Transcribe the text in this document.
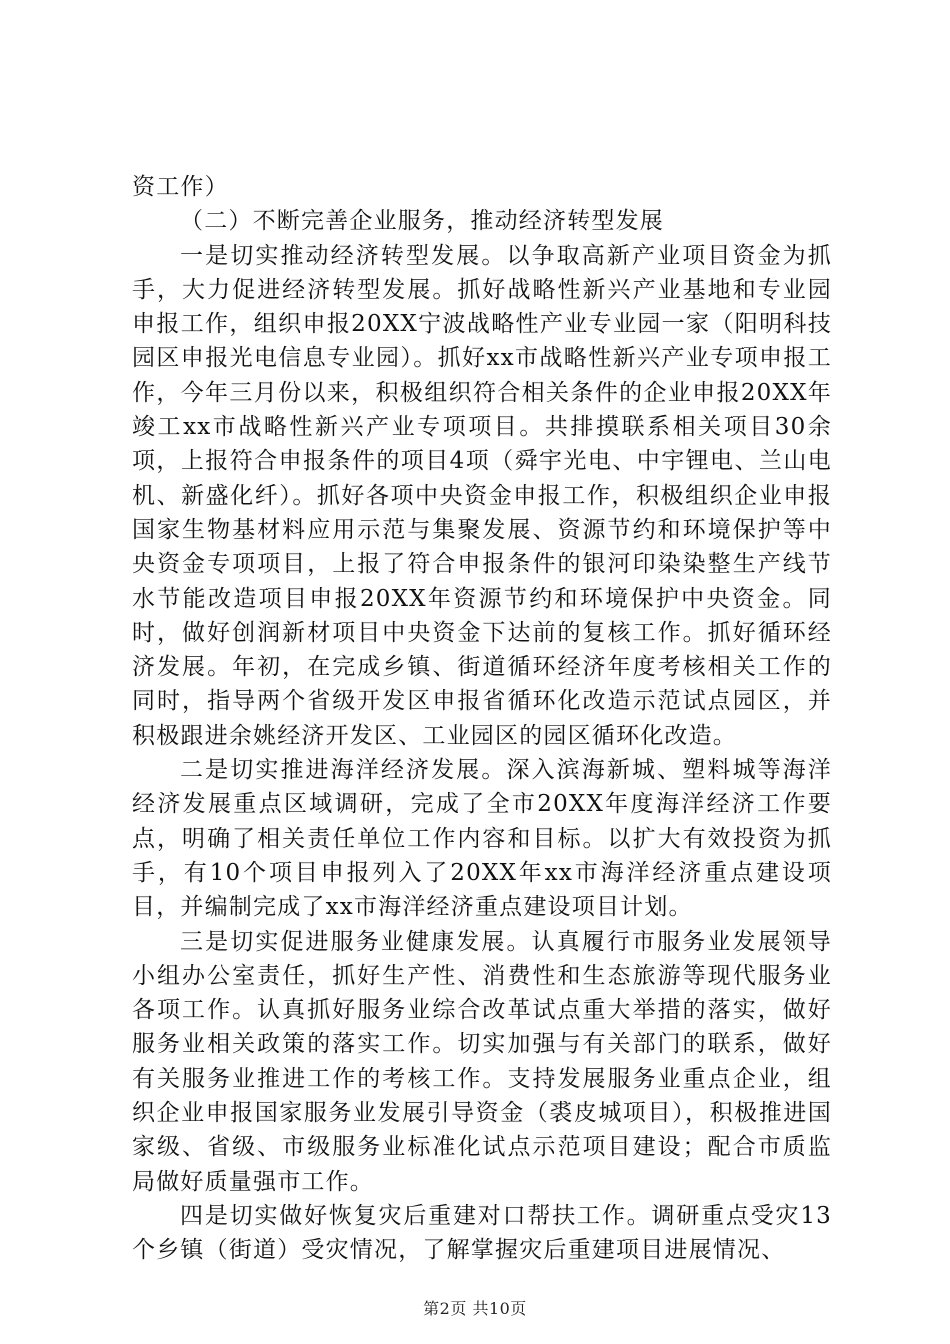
资工作）

（二）不断完善企业服务，推动经济转型发展

一是切实推动经济转型发展。以争取高新产业项目资金为抓手，大力促进经济转型发展。抓好战略性新兴产业基地和专业园申报工作，组织申报20XX宁波战略性产业专业园一家（阳明科技园区申报光电信息专业园）。抓好xx市战略性新兴产业专项申报工作，今年三月份以来，积极组织符合相关条件的企业申报20XX年竣工xx市战略性新兴产业专项项目。共排摸联系相关项目30余项，上报符合申报条件的项目4项（舜宇光电、中宇锂电、兰山电机、新盛化纤）。抓好各项中央资金申报工作，积极组织企业申报国家生物基材料应用示范与集聚发展、资源节约和环境保护等中央资金专项项目，上报了符合申报条件的银河印染染整生产线节水节能改造项目申报20XX年资源节约和环境保护中央资金。同时，做好创润新材项目中央资金下达前的复核工作。抓好循环经济发展。年初，在完成乡镇、街道循环经济年度考核相关工作的同时，指导两个省级开发区申报省循环化改造示范试点园区，并积极跟进余姚经济开发区、工业园区的园区循环化改造。

二是切实推进海洋经济发展。深入滨海新城、塑料城等海洋经济发展重点区域调研，完成了全市20XX年度海洋经济工作要点，明确了相关责任单位工作内容和目标。以扩大有效投资为抓手，有10个项目申报列入了20XX年xx市海洋经济重点建设项目，并编制完成了xx市海洋经济重点建设项目计划。

三是切实促进服务业健康发展。认真履行市服务业发展领导小组办公室责任，抓好生产性、消费性和生态旅游等现代服务业各项工作。认真抓好服务业综合改革试点重大举措的落实，做好服务业相关政策的落实工作。切实加强与有关部门的联系，做好有关服务业推进工作的考核工作。支持发展服务业重点企业，组织企业申报国家服务业发展引导资金（裘皮城项目），积极推进国家级、省级、市级服务业标准化试点示范项目建设；配合市质监局做好质量强市工作。

四是切实做好恢复灾后重建对口帮扶工作。调研重点受灾13个乡镇（街道）受灾情况，了解掌握灾后重建项目进展情况、

第2页 共10页
